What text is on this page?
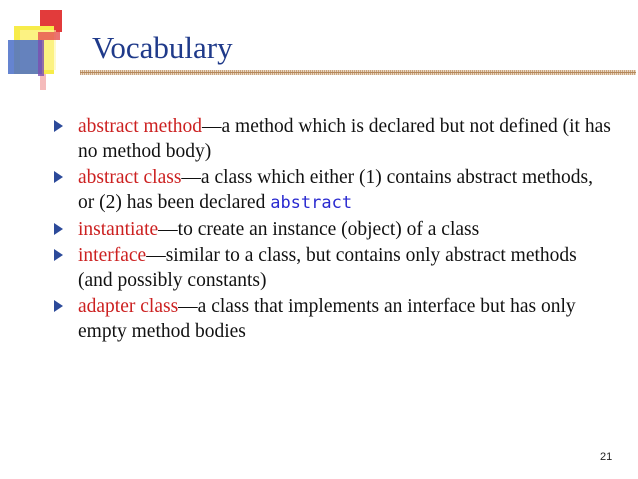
Vocabulary
abstract method—a method which is declared but not defined (it has no method body)
abstract class—a class which either (1) contains abstract methods, or (2) has been declared abstract
instantiate—to create an instance (object) of a class
interface—similar to a class, but contains only abstract methods (and possibly constants)
adapter class—a class that implements an interface but has only empty method bodies
21
